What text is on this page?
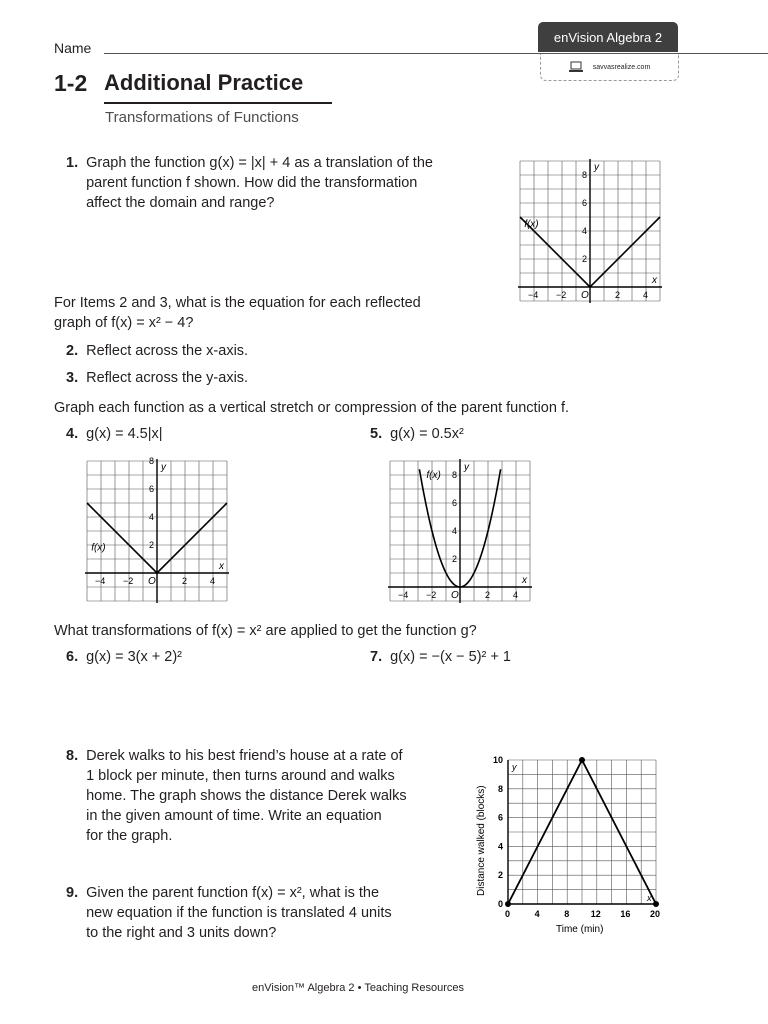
Name
enVision Algebra 2
savvasrealize.com
1-2 Additional Practice
Transformations of Functions
1. Graph the function g(x) = |x| + 4 as a translation of the
parent function f shown. How did the transformation
affect the domain and range?
x
y
O
−4 −2	2	4
2
4
6
8
f(x)
For Items 2 and 3, what is the equation for each reflected
graph of f(x) = x² − 4?
2. Reflect across the x-axis.
3. Reflect across the y-axis.
Graph each function as a vertical stretch or compression of the parent function f.
4. g(x) = 4.5|x|	5. g(x) = 0.5x²
x
y
O
−4 −2	2	4
2
4
6
8
f(x)
x
y
O
−4 −2	2	4
2
4
6
8
f(x)
What transformations of f(x) = x² are applied to get the function g?
6. g(x) = 3(x + 2)²	7. g(x) = −(x − 5)² + 1
8. Derek walks to his best friend’s house at a rate of
1 block per minute, then turns around and walks
home. The graph shows the distance Derek walks
in the given amount of time. Write an equation
for the graph.
9. Given the parent function f(x) = x², what is the
new equation if the function is translated 4 units
to the right and 3 units down?
y
x
0	4	8 12 16 20
0
2
4
6
8
10
Time (min)
Distance walked (blocks)
enVision™ Algebra 2 • Teaching Resources
